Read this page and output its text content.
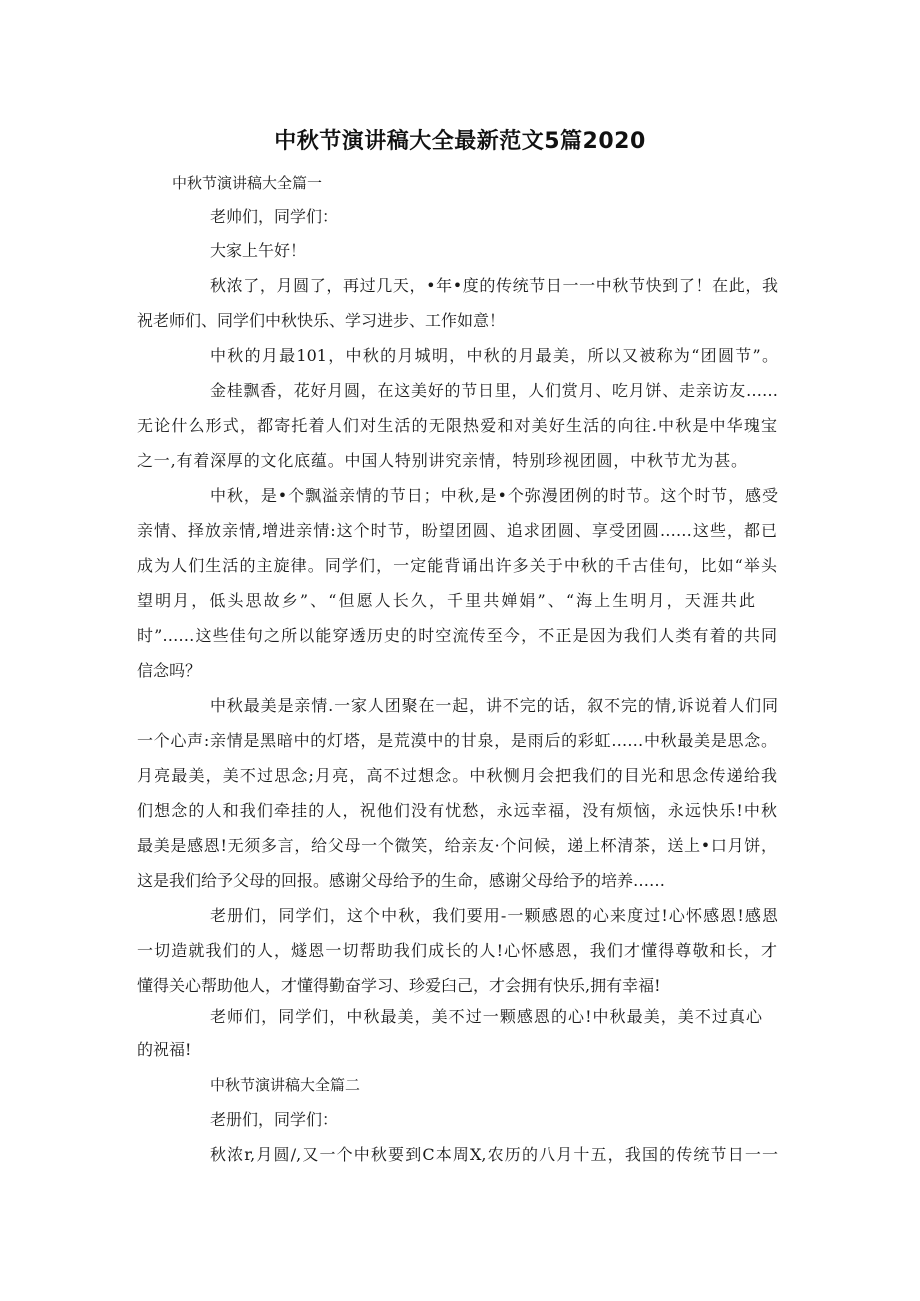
中秋节演讲稿大全最新范文5篇2020
中秋节演讲稿大全篇一
老帅们，同学们：
大家上午好！
秋浓了，月圆了，再过几天，•年•度的传统节日一一中秋节快到了！在此，我
祝老师们、同学们中秋快乐、学习进步、工作如意！
中秋的月最101，中秋的月城明，中秋的月最美，所以又被称为“团圆节”。
金桂飘香，花好月圆，在这美好的节日里，人们赏月、吃月饼、走亲访友……
无论什么形式，都寄托着人们对生活的无限热爱和对美好生活的向往.中秋是中华瑰宝
之一,有着深厚的文化底蕴。中国人特别讲究亲情，特别珍视团圆，中秋节尤为甚。
中秋，是•个飘溢亲情的节日；中秋,是•个弥漫团例的时节。这个时节，感受
亲情、择放亲情,增进亲情:这个时节，盼望团圆、追求团圆、享受团圆……这些，都已
成为人们生活的主旋律。同学们，一定能背诵出许多关于中秋的千古佳句，比如“举头
望明月，低头思故乡”、“但愿人长久，千里共婵娟”、“海上生明月，天涯共此
时”……这些佳句之所以能穿透历史的时空流传至今，不正是因为我们人类有着的共同
信念吗？
中秋最美是亲情.一家人团聚在一起，讲不完的话，叙不完的情,诉说着人们同
一个心声:亲情是黑暗中的灯塔，是荒漠中的甘泉，是雨后的彩虹……中秋最美是思念。
月亮最美，美不过思念;月亮，高不过想念。中秋恻月会把我们的目光和思念传递给我
们想念的人和我们牵挂的人，祝他们没有忧愁，永远幸福，没有烦恼，永远快乐!中秋
最美是感恩!无须多言，给父母一个微笑，给亲友·个问候，递上杯清茶，送上•口月饼，
这是我们给予父母的回报。感谢父母给予的生命，感谢父母给予的培养……
老册们，同学们，这个中秋，我们要用-一颗感恩的心来度过!心怀感恩!感恩
一切造就我们的人，燧恩一切帮助我们成长的人!心怀感恩，我们才懂得尊敬和长，才
懂得关心帮助他人，才懂得勤奋学习、珍爱臼己，才会拥有快乐,拥有幸福!
老师们，同学们，中秋最美，美不过一颗感恩的心!中秋最美，美不过真心
的祝福!
中秋节演讲稿大全篇二
老册们，同学们：
秋浓r,月圆/,又一个中秋要到C本周X,农历的八月十五，我国的传统节日一一
